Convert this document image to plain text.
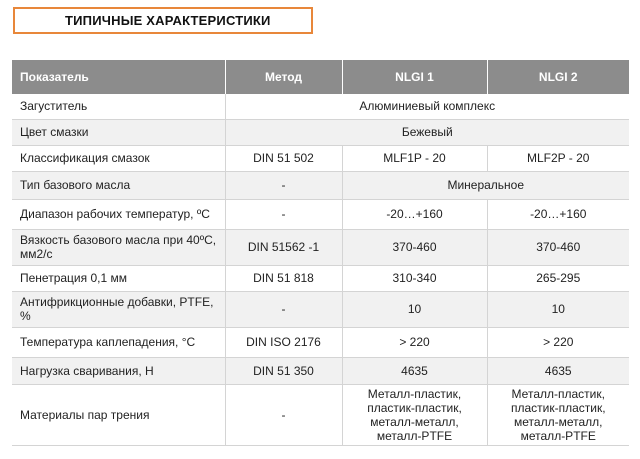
ТИПИЧНЫЕ ХАРАКТЕРИСТИКИ
Показатель	Метод	NLGI 1	NLGI 2
Загуститель	Алюминиевый комплекс		
Цвет смазки	Бежевый		
Классификация смазок	DIN 51 502	MLF1P - 20	MLF2P - 20
Тип базового масла	-	Минеральное	
Диапазон рабочих температур, ºС	-	-20…+160	-20…+160
Вязкость базового масла при 40ºС, мм2/с	DIN 51562 -1	370-460	370-460
Пенетрация 0,1 мм	DIN 51 818	310-340	265-295
Антифрикционные добавки, PTFE, %	-	10	10
Температура каплепадения, °С	DIN ISO 2176	> 220	> 220
Нагрузка сваривания, Н	DIN 51 350	4635	4635
Материалы пар трения	-	Металл-пластик, пластик-пластик, металл-металл, металл-PTFE	Металл-пластик, пластик-пластик, металл-металл, металл-PTFE
